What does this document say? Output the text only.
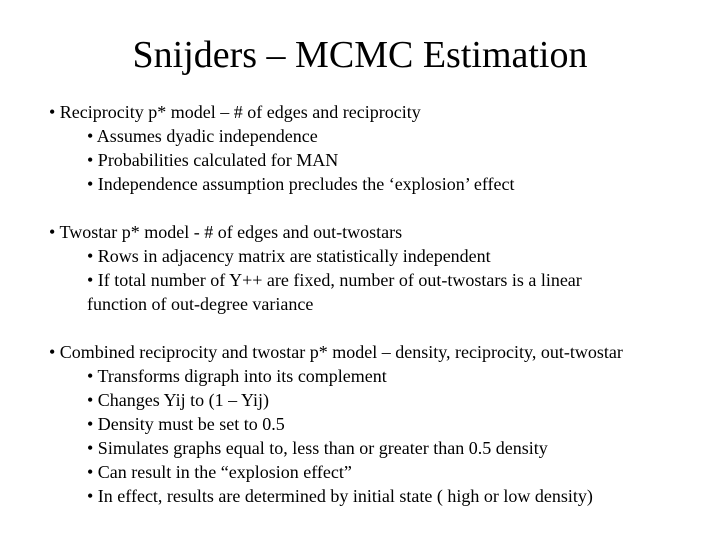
Snijders – MCMC Estimation
• Reciprocity p* model – # of edges and reciprocity
• Assumes dyadic independence
• Probabilities calculated for MAN
• Independence assumption precludes the ‘explosion’ effect
• Twostar p* model - # of edges and out-twostars
• Rows in adjacency matrix are statistically independent
• If total number of Y++ are fixed, number of out-twostars is a linear
function of out-degree variance
• Combined reciprocity and twostar p* model – density, reciprocity, out-twostar
• Transforms digraph into its complement
• Changes Yij to (1 – Yij)
• Density must be set to 0.5
• Simulates graphs equal to, less than or greater than 0.5 density
• Can result in the “explosion effect”
• In effect, results are determined by initial state ( high or low density)
